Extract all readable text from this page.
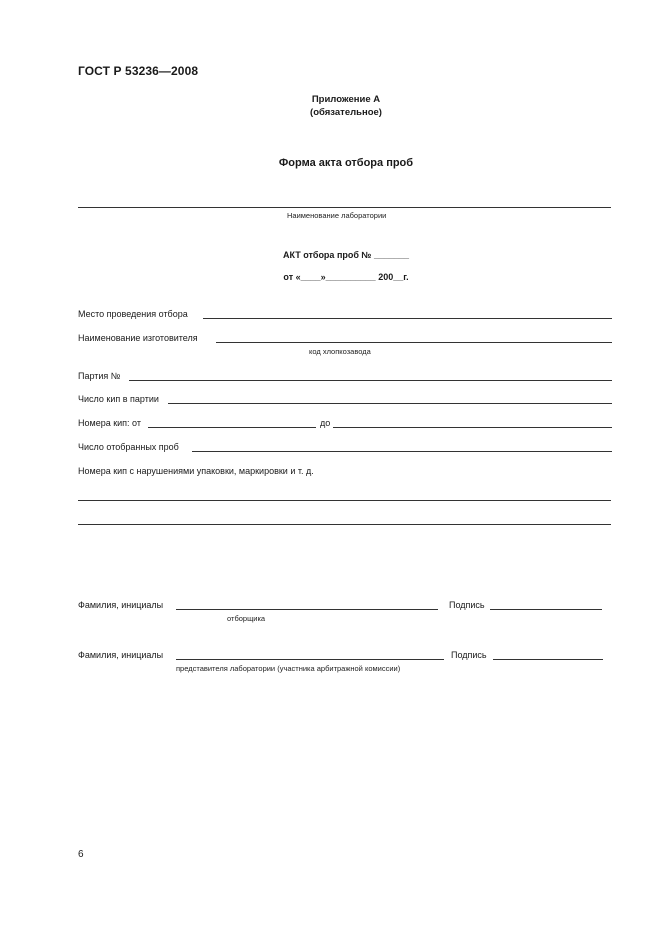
ГОСТ Р 53236—2008
Приложение А
(обязательное)
Форма акта отбора проб
Наименование лаборатории
АКТ отбора проб № _______
от «____»__________ 200__г.
Место проведения отбора
Наименование изготовителя
код хлопкозавода
Партия №
Число кип в партии
Номера кип: от	до
Число отобранных проб
Номера кип с нарушениями упаковки, маркировки и т. д.
Фамилия, инициалы	Подпись
отборщика
Фамилия, инициалы	Подпись
представителя лаборатории (участника арбитражной комиссии)
6
